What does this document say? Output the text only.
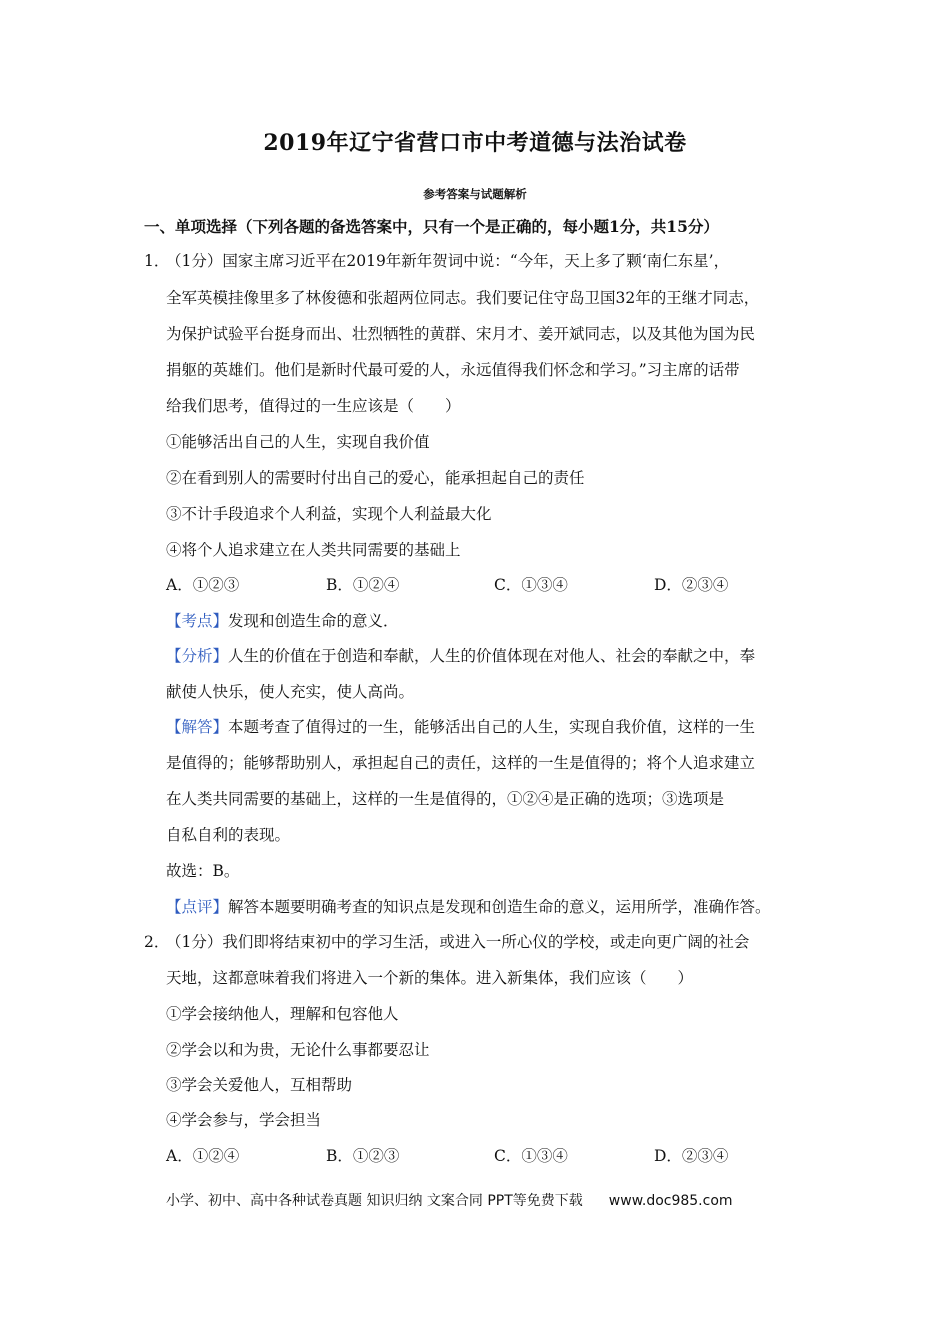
2019年辽宁省营口市中考道德与法治试卷
参考答案与试题解析
一、单项选择（下列各题的备选答案中，只有一个是正确的，每小题1分，共15分）
1．
（1分）国家主席习近平在2019年新年贺词中说：“今年，天上多了颗‘南仁东星’，
全军英模挂像里多了林俊德和张超两位同志。我们要记住守岛卫国32年的王继才同志，
为保护试验平台挺身而出、壮烈牺牲的黄群、宋月才、姜开斌同志，以及其他为国为民
捐躯的英雄们。他们是新时代最可爱的人，永远值得我们怀念和学习。”习主席的话带
给我们思考，值得过的一生应该是（　　）
①能够活出自己的人生，实现自我价值
②在看到别人的需要时付出自己的爱心，能承担起自己的责任
③不计手段追求个人利益，实现个人利益最大化
④将个人追求建立在人类共同需要的基础上
A．①②③	B．①②④	C．①③④	D．②③④
【考点】发现和创造生命的意义．
【分析】人生的价值在于创造和奉献，人生的价值体现在对他人、社会的奉献之中，奉
献使人快乐，使人充实，使人高尚。
【解答】本题考查了值得过的一生，能够活出自己的人生，实现自我价值，这样的一生
是值得的；能够帮助别人，承担起自己的责任，这样的一生是值得的；将个人追求建立
在人类共同需要的基础上，这样的一生是值得的，①②④是正确的选项；③选项是
自私自利的表现。
故选：B。
【点评】解答本题要明确考查的知识点是发现和创造生命的意义，运用所学，准确作答。
2．
（1分）我们即将结束初中的学习生活，或进入一所心仪的学校，或走向更广阔的社会
天地，这都意味着我们将进入一个新的集体。进入新集体，我们应该（　　）
①学会接纳他人，理解和包容他人
②学会以和为贵，无论什么事都要忍让
③学会关爱他人，互相帮助
④学会参与，学会担当
A．①②④	B．①②③	C．①③④	D．②③④
小学、初中、高中各种试卷真题 知识归纳 文案合同 PPT等免费下载 www.doc985.com
